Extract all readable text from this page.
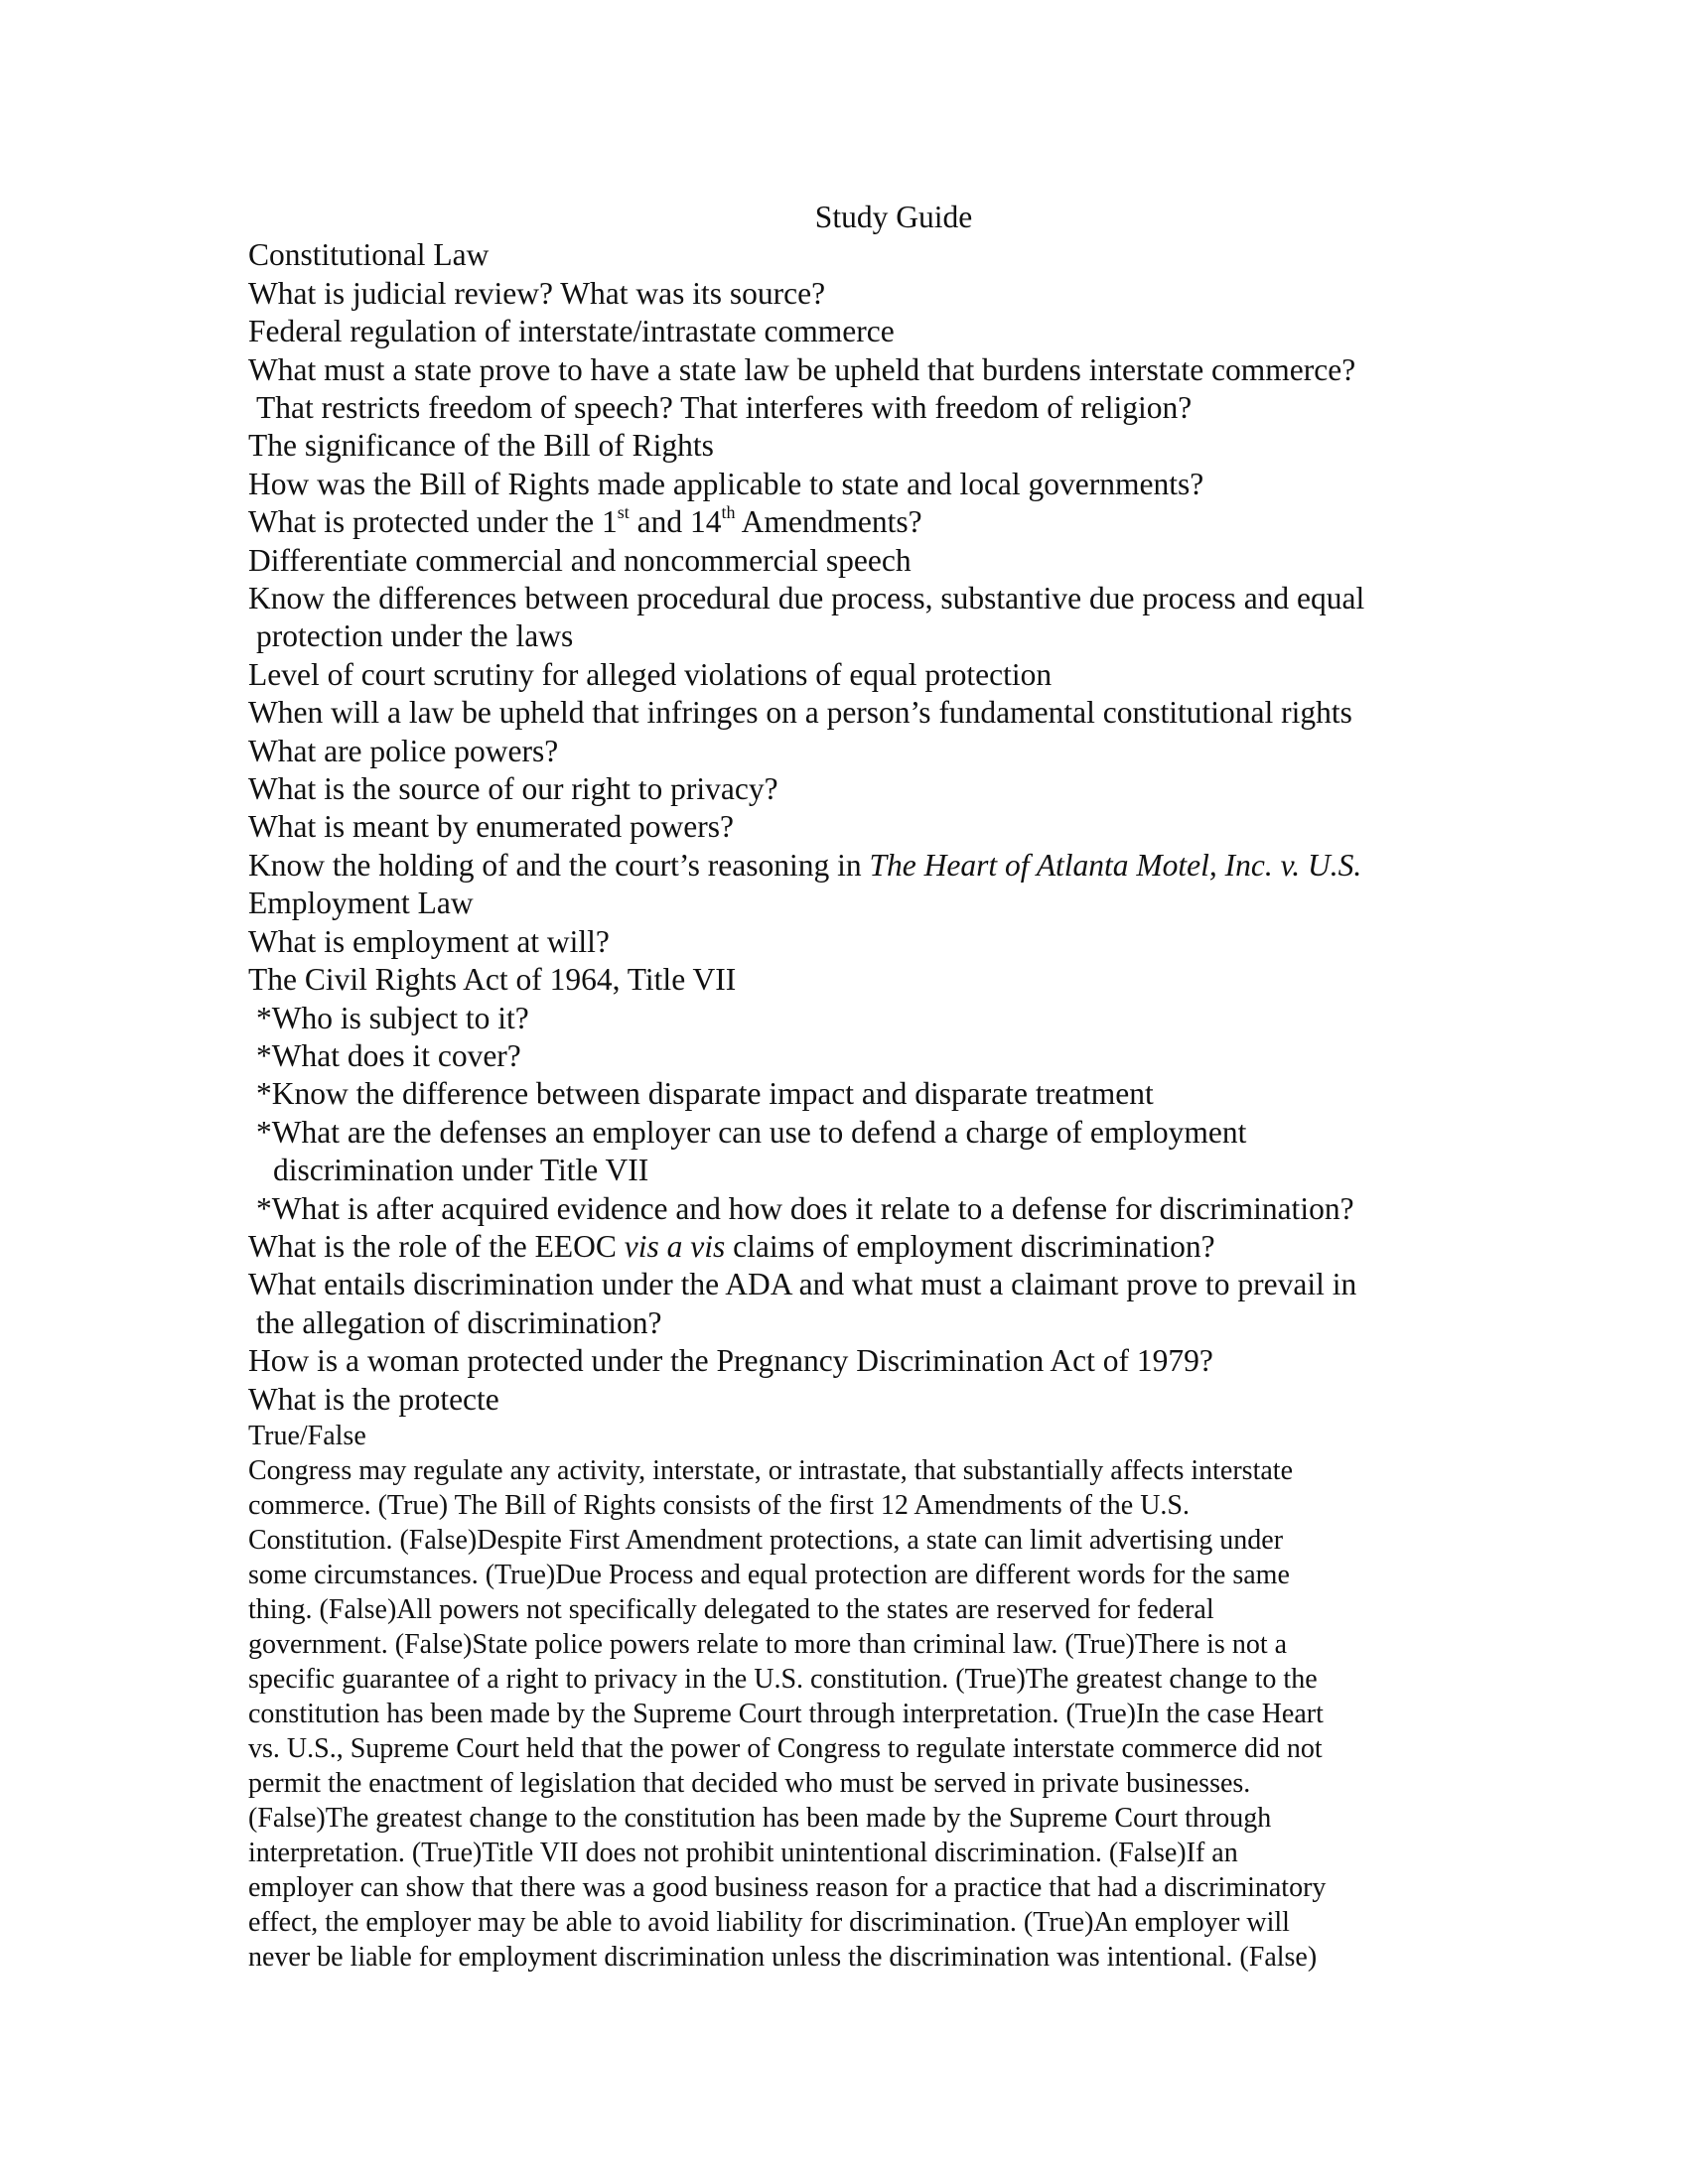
Study Guide
Constitutional Law
What is judicial review? What was its source?
Federal regulation of interstate/intrastate commerce
What must a state prove to have a state law be upheld that burdens interstate commerce?
That restricts freedom of speech? That interferes with freedom of religion?
The significance of the Bill of Rights
How was the Bill of Rights made applicable to state and local governments?
What is protected under the 1st and 14th Amendments?
Differentiate commercial and noncommercial speech
Know the differences between procedural due process, substantive due process and equal
protection under the laws
Level of court scrutiny for alleged violations of equal protection
When will a law be upheld that infringes on a person’s fundamental constitutional rights
What are police powers?
What is the source of our right to privacy?
What is meant by enumerated powers?
Know the holding of and the court’s reasoning in The Heart of Atlanta Motel, Inc. v. U.S.
Employment Law
What is employment at will?
The Civil Rights Act of 1964, Title VII
*Who is subject to it?
*What does it cover?
*Know the difference between disparate impact and disparate treatment
*What are the defenses an employer can use to defend a charge of employment
discrimination under Title VII
*What is after acquired evidence and how does it relate to a defense for discrimination?
What is the role of the EEOC vis a vis claims of employment discrimination?
What entails discrimination under the ADA and what must a claimant prove to prevail in
the allegation of discrimination?
How is a woman protected under the Pregnancy Discrimination Act of 1979?
What is the protecte
True/False
Congress may regulate any activity, interstate, or intrastate, that substantially affects interstate
commerce. (True) The Bill of Rights consists of the first 12 Amendments of the U.S.
Constitution. (False)Despite First Amendment protections, a state can limit advertising under
some circumstances. (True)Due Process and equal protection are different words for the same
thing. (False)All powers not specifically delegated to the states are reserved for federal
government. (False)State police powers relate to more than criminal law. (True)There is not a
specific guarantee of a right to privacy in the U.S. constitution. (True)The greatest change to the
constitution has been made by the Supreme Court through interpretation. (True)In the case Heart
vs. U.S., Supreme Court held that the power of Congress to regulate interstate commerce did not
permit the enactment of legislation that decided who must be served in private businesses.
(False)The greatest change to the constitution has been made by the Supreme Court through
interpretation. (True)Title VII does not prohibit unintentional discrimination. (False)If an
employer can show that there was a good business reason for a practice that had a discriminatory
effect, the employer may be able to avoid liability for discrimination. (True)An employer will
never be liable for employment discrimination unless the discrimination was intentional. (False)
